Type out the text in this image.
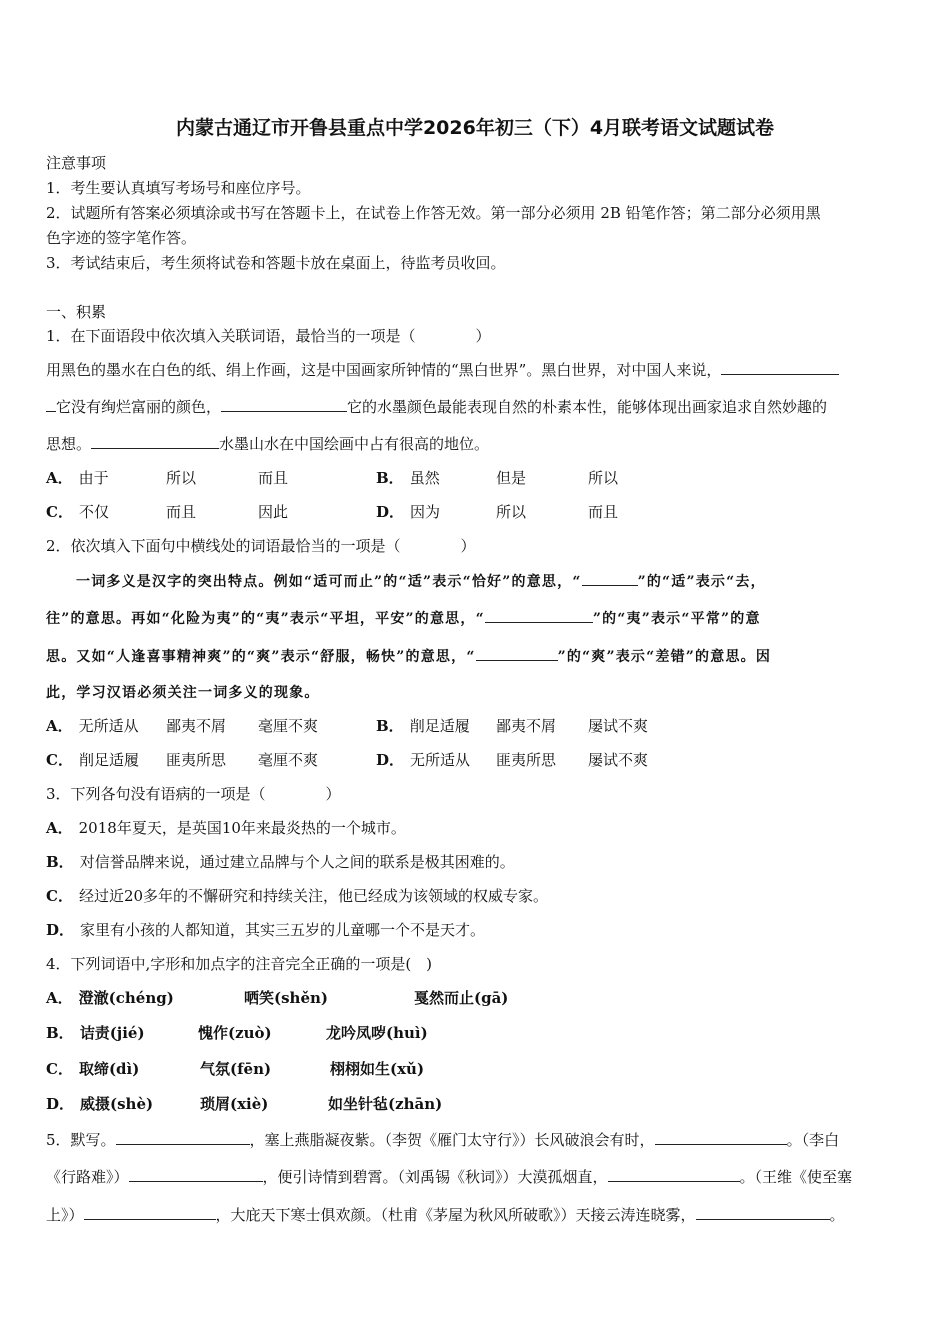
内蒙古通辽市开鲁县重点中学2026年初三（下）4月联考语文试题试卷
注意事项
1．考生要认真填写考场号和座位序号。
2．试题所有答案必须填涂或书写在答题卡上，在试卷上作答无效。第一部分必须用 2B 铅笔作答；第二部分必须用黑
色字迹的签字笔作答。
3．考试结束后，考生须将试卷和答题卡放在桌面上，待监考员收回。
一、积累
1．在下面语段中依次填入关联词语，最恰当的一项是（　　　　）
用黑色的墨水在白色的纸、绢上作画，这是中国画家所钟情的“黑白世界”。黑白世界，对中国人来说，
它没有绚烂富丽的颜色，	它的水墨颜色最能表现自然的朴素本性，能够体现出画家追求自然妙趣的
思想。	水墨山水在中国绘画中占有很高的地位。
A． 由于	所以	而且	B． 虽然	但是	所以
C． 不仅	而且	因此	D． 因为	所以	而且
2．依次填入下面句中横线处的词语最恰当的一项是（　　　　）
一词多义是汉字的突出特点。例如“适可而止”的“适”表示“恰好”的意思，“	”的“适”表示“去，
往”的意思。再如“化险为夷”的“夷”表示“平坦，平安”的意思，“	”的“夷”表示“平常”的意
思。又如“人逢喜事精神爽”的“爽”表示“舒服，畅快”的意思，“	”的“爽”表示“差错”的意思。因
此，学习汉语必须关注一词多义的现象。
A． 无所适从 鄙夷不屑 毫厘不爽	B． 削足适履 鄙夷不屑 屡试不爽
C． 削足适履 匪夷所思 毫厘不爽	D． 无所适从 匪夷所思 屡试不爽
3．下列各句没有语病的一项是（　　　　）
A． 2018年夏天，是英国10年来最炎热的一个城市。
B． 对信誉品牌来说，通过建立品牌与个人之间的联系是极其困难的。
C． 经过近20多年的不懈研究和持续关注，他已经成为该领域的权威专家。
D． 家里有小孩的人都知道，其实三五岁的儿童哪一个不是天才。
4．下列词语中,字形和加点字的注音完全正确的一项是(　)
A． 澄澈(chéng)	哂笑(shěn)	戛然而止(gā)
B． 诘责(jié)	愧作(zuò)	龙吟凤哕(huì)
C． 取缔(dì)	气氛(fēn)	栩栩如生(xǔ)
D． 威摄(shè)	琐屑(xiè)	如坐针毡(zhān)
5．默写。	，塞上燕脂凝夜紫。（李贺《雁门太守行》）长风破浪会有时，	。（李白
《行路难》）	，便引诗情到碧霄。（刘禹锡《秋词》）大漠孤烟直，	。（王维《使至塞
上》）	，大庇天下寒士俱欢颜。（杜甫《茅屋为秋风所破歌》）天接云涛连晓雾，	。
